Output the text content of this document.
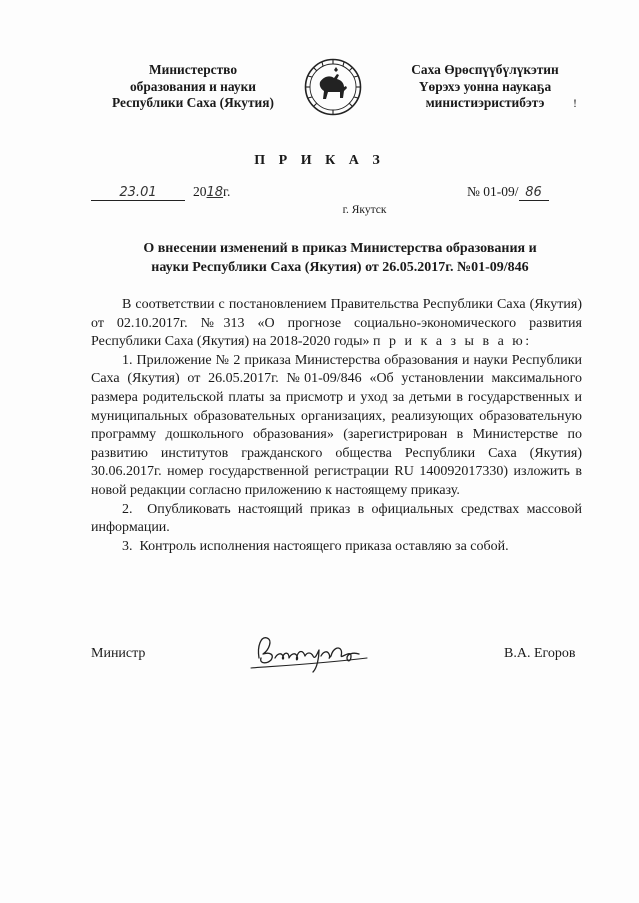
Министерство
образования и науки
Республики Саха (Якутия)
Саха Өрөспүүбүлүкэтин
Үөрэхэ уонна наукаҕа
министиэристибэтэ	!
П Р И К А З
23.01	2018г.	№ 01-09/ 86
г. Якутск
О внесении изменений в приказ Министерства образования и
науки Республики Саха (Якутия) от 26.05.2017г. №01-09/846

В соответствии с постановлением Правительства Республики Саха (Якутия) от 02.10.2017г. №313 «О прогнозе социально-экономического развития Республики Саха (Якутия) на 2018-2020 годы» п р и к а з ы в а ю:

1. Приложение № 2 приказа Министерства образования и науки Республики Саха (Якутия) от 26.05.2017г. №01-09/846 «Об установлении максимального размера родительской платы за присмотр и уход за детьми в государственных и муниципальных образовательных организациях, реализующих образовательную программу дошкольного образования» (зарегистрирован в Министерстве по развитию институтов гражданского общества Республики Саха (Якутия) 30.06.2017г. номер государственной регистрации RU 140092017330) изложить в новой редакции согласно приложению к настоящему приказу.

2. Опубликовать настоящий приказ в официальных средствах массовой информации.

3. Контроль исполнения настоящего приказа оставляю за собой.

Министр	В.А. Егоров
